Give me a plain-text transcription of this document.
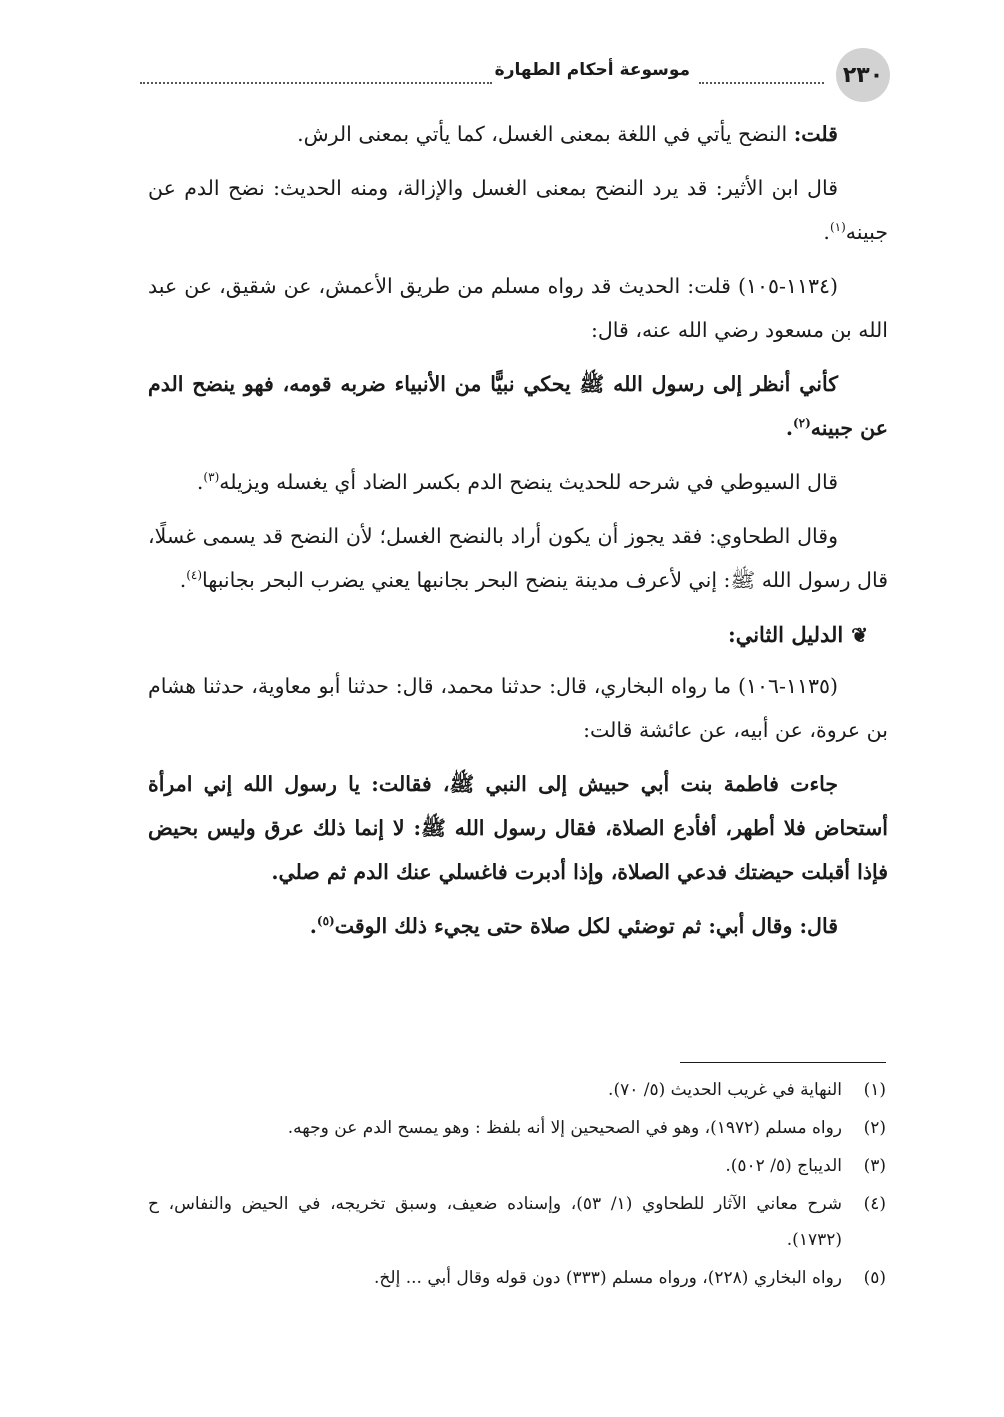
٢٣٠
موسوعة أحكام الطهارة

قلت: النضح يأتي في اللغة بمعنى الغسل، كما يأتي بمعنى الرش.

قال ابن الأثير: قد يرد النضح بمعنى الغسل والإزالة، ومنه الحديث: نضح الدم عن جبينه$^{(١)}$.

(١١٣٤-١٠٥) قلت: الحديث قد رواه مسلم من طريق الأعمش، عن شقيق، عن عبد الله بن مسعود رضي الله عنه، قال:

كأني أنظر إلى رسول الله ﷺ يحكي نبيًّا من الأنبياء ضربه قومه، فهو ينضح الدم عن جبينه$^{(٢)}$.

قال السيوطي في شرحه للحديث ينضح الدم بكسر الضاد أي يغسله ويزيله$^{(٣)}$.

وقال الطحاوي: فقد يجوز أن يكون أراد بالنضح الغسل؛ لأن النضح قد يسمى غسلًا، قال رسول الله ﷺ: إني لأعرف مدينة ينضح البحر بجانبها يعني يضرب البحر بجانبها$^{(٤)}$.

❦الدليل الثاني:

(١١٣٥-١٠٦) ما رواه البخاري، قال: حدثنا محمد، قال: حدثنا أبو معاوية، حدثنا هشام بن عروة، عن أبيه، عن عائشة قالت:

جاءت فاطمة بنت أبي حبيش إلى النبي ﷺ، فقالت: يا رسول الله إني امرأة أستحاض فلا أطهر، أفأدع الصلاة، فقال رسول الله ﷺ: لا إنما ذلك عرق وليس بحيض فإذا أقبلت حيضتك فدعي الصلاة، وإذا أدبرت فاغسلي عنك الدم ثم صلي.

قال: وقال أبي: ثم توضئي لكل صلاة حتى يجيء ذلك الوقت$^{(٥)}$.

(١)
النهاية في غريب الحديث (٥/ ٧٠).
(٢)
رواه مسلم (١٩٧٢)، وهو في الصحيحين إلا أنه بلفظ : وهو يمسح الدم عن وجهه.
(٣)
الديباج (٥/ ٥٠٢).
(٤)
شرح معاني الآثار للطحاوي (١/ ٥٣)، وإسناده ضعيف، وسبق تخريجه، في الحيض والنفاس، ح (١٧٣٢).
(٥)
رواه البخاري (٢٢٨)، ورواه مسلم (٣٣٣) دون قوله وقال أبي ... إلخ.
